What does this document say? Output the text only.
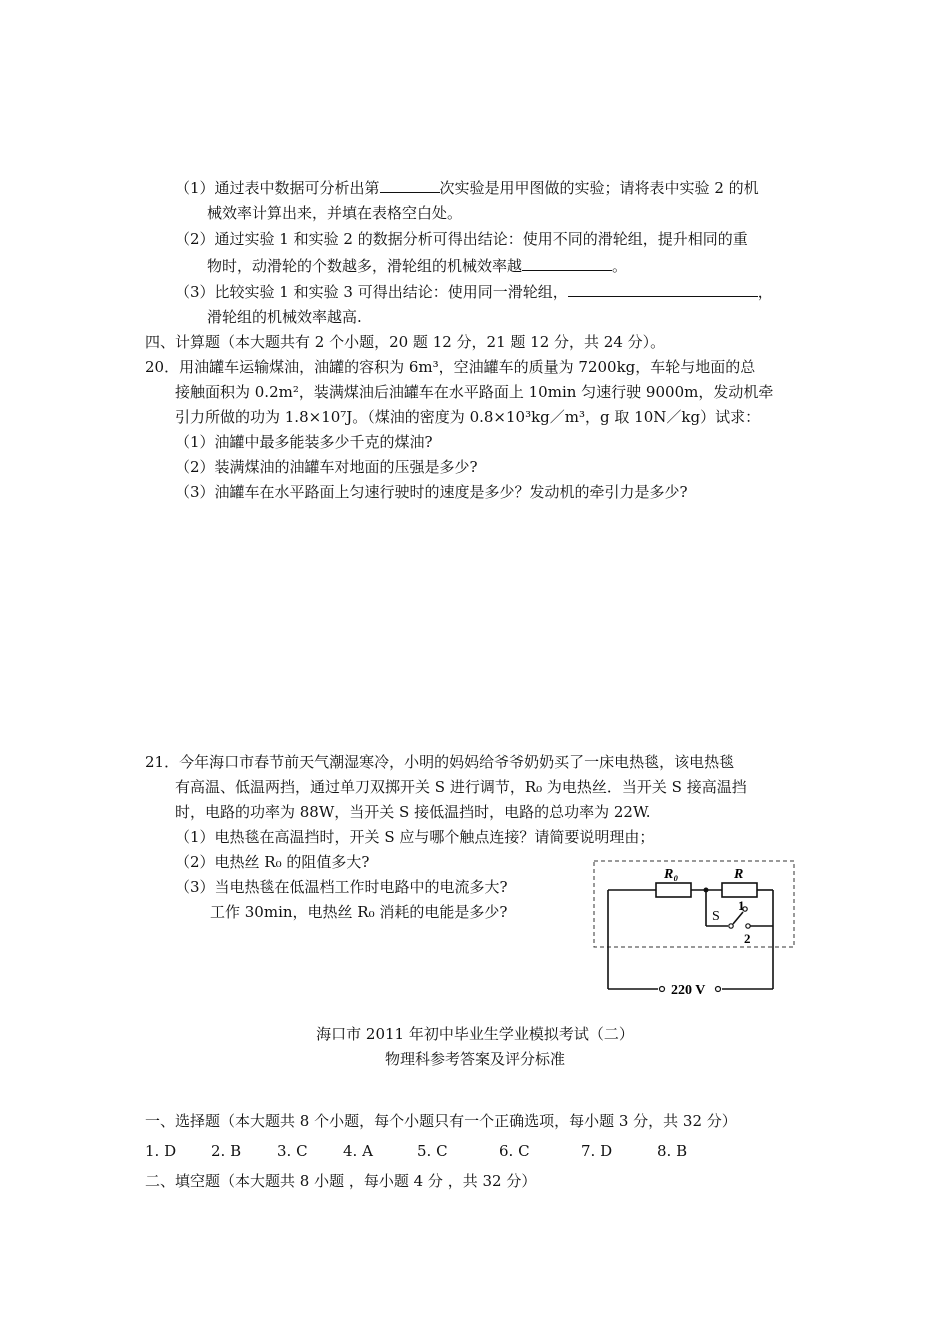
（1）通过表中数据可分析出第	次实验是用甲图做的实验；请将表中实验 2 的机
械效率计算出来，并填在表格空白处。
（2）通过实验 1 和实验 2 的数据分析可得出结论：使用不同的滑轮组，提升相同的重
物时，动滑轮的个数越多，滑轮组的机械效率越	。
（3）比较实验 1 和实验 3 可得出结论：使用同一滑轮组，	，
滑轮组的机械效率越高.
四、计算题（本大题共有 2 个小题，20 题 12 分，21 题 12 分，共 24 分）。
20．用油罐车运输煤油，油罐的容积为 6m³，空油罐车的质量为 7200kg，车轮与地面的总
接触面积为 0.2m²，装满煤油后油罐车在水平路面上 10min 匀速行驶 9000m，发动机牵
引力所做的功为 1.8×10⁷J。（煤油的密度为 0.8×10³kg／m³，g 取 10N／kg）试求：
（1）油罐中最多能装多少千克的煤油?
（2）装满煤油的油罐车对地面的压强是多少?
（3）油罐车在水平路面上匀速行驶时的速度是多少？发动机的牵引力是多少?
21．今年海口市春节前天气潮湿寒冷，小明的妈妈给爷爷奶奶买了一床电热毯，该电热毯
有高温、低温两挡，通过单刀双掷开关 S 进行调节，R₀ 为电热丝．当开关 S 接高温挡
时，电路的功率为 88W，当开关 S 接低温挡时，电路的总功率为 22W.
（1）电热毯在高温挡时，开关 S 应与哪个触点连接？请简要说明理由；
（2）电热丝 R₀ 的阻值多大?
（3）当电热毯在低温档工作时电路中的电流多大?
工作 30min，电热丝 R₀ 消耗的电能是多少?
R₀	R
S
1
2
220 V
海口市 2011 年初中毕业生学业模拟考试（二）
物理科参考答案及评分标准
一、选择题（本大题共 8 个小题，每个小题只有一个正确选项，每小题 3 分，共 32 分）
1. D 2. B 3. C 4. A	5. C	6. C	7. D	8. B
二、填空题（本大题共 8 小题 ，每小题 4 分 ，共 32 分）
